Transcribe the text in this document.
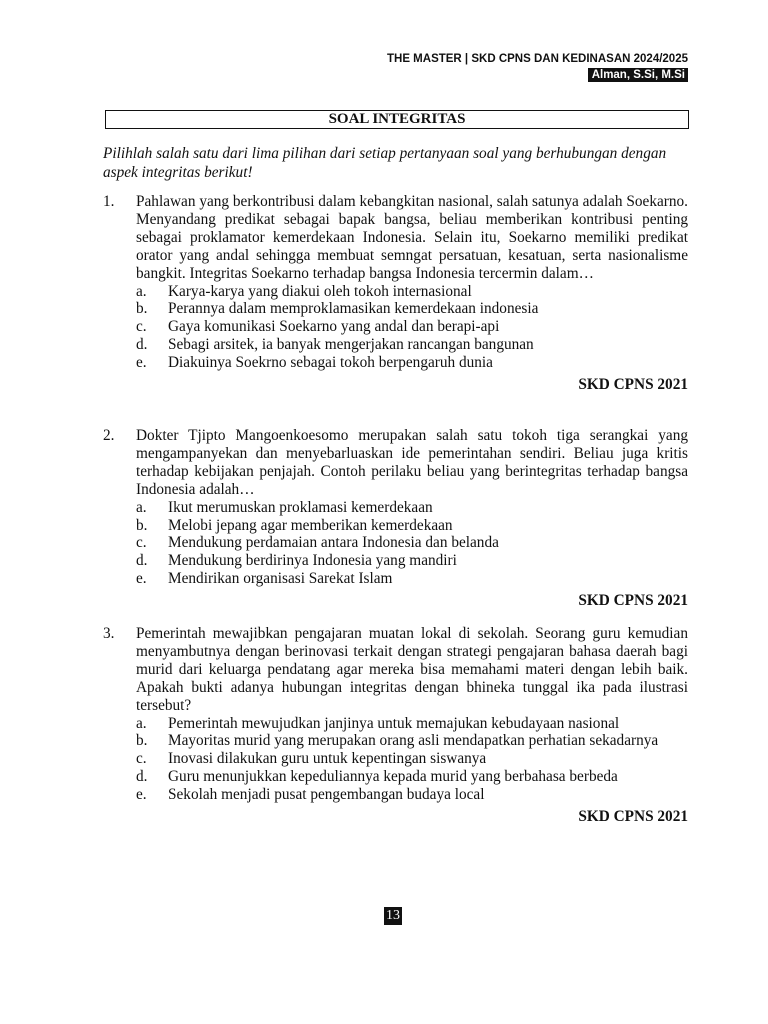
THE MASTER | SKD CPNS DAN KEDINASAN 2024/2025
Alman, S.Si, M.Si
SOAL INTEGRITAS
Pilihlah salah satu dari lima pilihan dari setiap pertanyaan soal yang berhubungan dengan aspek integritas berikut!
1.	Pahlawan yang berkontribusi dalam kebangkitan nasional, salah satunya adalah Soekarno. Menyandang predikat sebagai bapak bangsa, beliau memberikan kontribusi penting sebagai proklamator kemerdekaan Indonesia. Selain itu, Soekarno memiliki predikat orator yang andal sehingga membuat semngat persatuan, kesatuan, serta nasionalisme bangkit. Integritas Soekarno terhadap bangsa Indonesia tercermin dalam…
a.	Karya-karya yang diakui oleh tokoh internasional
b.	Perannya dalam memproklamasikan kemerdekaan indonesia
c.	Gaya komunikasi Soekarno yang andal dan berapi-api
d.	Sebagi arsitek, ia banyak mengerjakan rancangan bangunan
e.	Diakuinya Soekrno sebagai tokoh berpengaruh dunia
SKD CPNS 2021
2.	Dokter Tjipto Mangoenkoesomo merupakan salah satu tokoh tiga serangkai yang mengampanyekan dan menyebarluaskan ide pemerintahan sendiri. Beliau juga kritis terhadap kebijakan penjajah. Contoh perilaku beliau yang berintegritas terhadap bangsa Indonesia adalah…
a.	Ikut merumuskan proklamasi kemerdekaan
b.	Melobi jepang agar memberikan kemerdekaan
c.	Mendukung perdamaian antara Indonesia dan belanda
d.	Mendukung berdirinya Indonesia yang mandiri
e.	Mendirikan organisasi Sarekat Islam
SKD CPNS 2021
3.	Pemerintah mewajibkan pengajaran muatan lokal di sekolah. Seorang guru kemudian menyambutnya dengan berinovasi terkait dengan strategi pengajaran bahasa daerah bagi murid dari keluarga pendatang agar mereka bisa memahami materi dengan lebih baik. Apakah bukti adanya hubungan integritas dengan bhineka tunggal ika pada ilustrasi tersebut?
a.	Pemerintah mewujudkan janjinya untuk memajukan kebudayaan nasional
b.	Mayoritas murid yang merupakan orang asli mendapatkan perhatian sekadarnya
c.	Inovasi dilakukan guru untuk kepentingan siswanya
d.	Guru menunjukkan kepeduliannya kepada murid yang berbahasa berbeda
e.	Sekolah menjadi pusat pengembangan budaya local
SKD CPNS 2021
13
